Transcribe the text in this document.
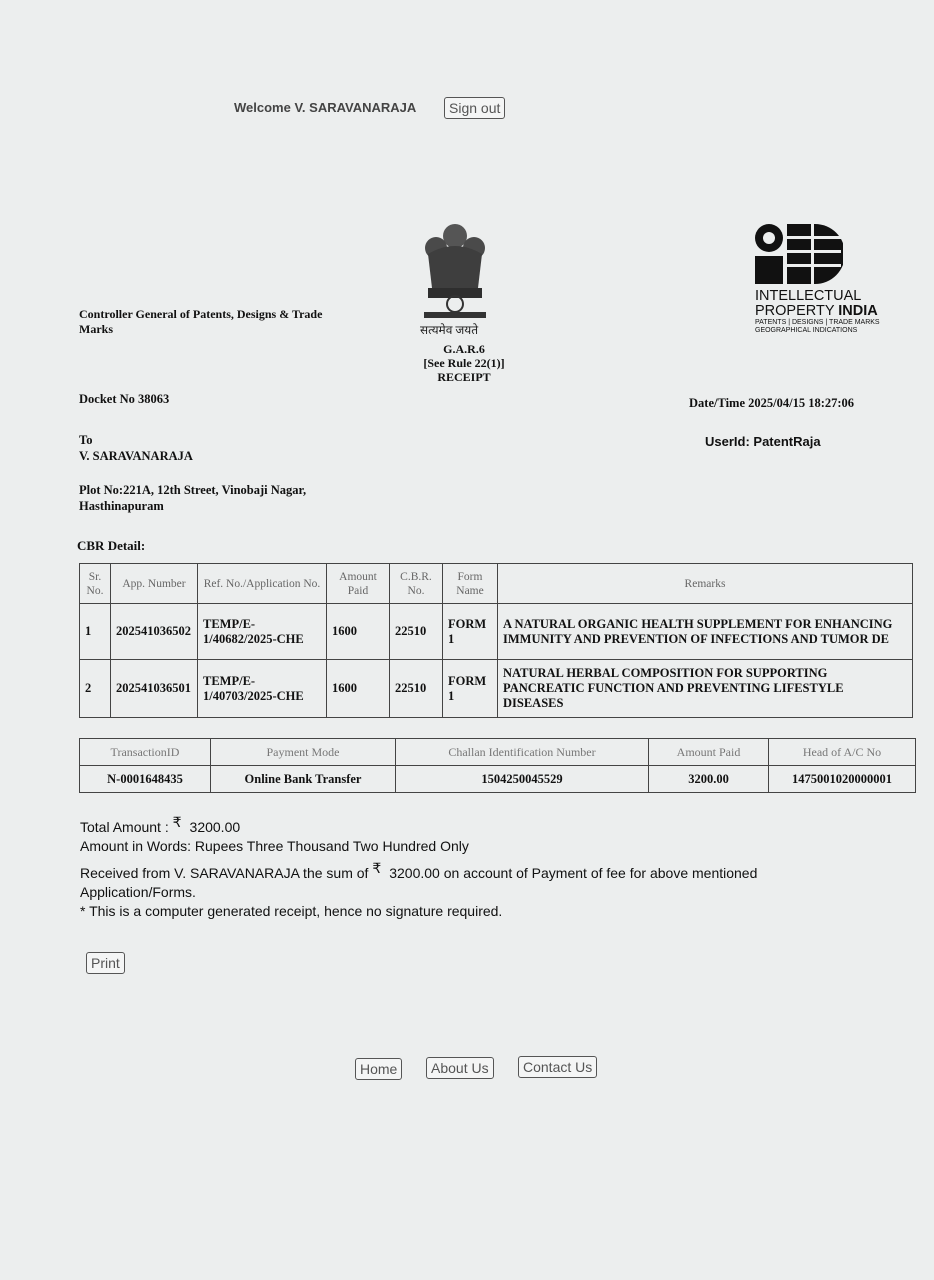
Welcome V. SARAVANARAJA	Sign out
सत्यमेव जयते
G.A.R.6
[See Rule 22(1)]
RECEIPT
Controller General of Patents, Designs & Trade
Marks
INTELLECTUAL
PROPERTY INDIA
PATENTS | DESIGNS | TRADE MARKS
GEOGRAPHICAL INDICATIONS
Docket No 38063	Date/Time 2025/04/15 18:27:06
To
V. SARAVANARAJA
UserId: PatentRaja
Plot No:221A, 12th Street, Vinobaji Nagar,
Hasthinapuram
CBR Detail:
Sr. No.	App. Number	Ref. No./Application No.	Amount Paid	C.B.R. No.	Form Name	Remarks
1	202541036502	TEMP/E-1/40682/2025-CHE	1600	22510	FORM 1	A NATURAL ORGANIC HEALTH SUPPLEMENT FOR ENHANCING IMMUNITY AND PREVENTION OF INFECTIONS AND TUMOR DE
2	202541036501	TEMP/E-1/40703/2025-CHE	1600	22510	FORM 1	NATURAL HERBAL COMPOSITION FOR SUPPORTING PANCREATIC FUNCTION AND PREVENTING LIFESTYLE DISEASES
TransactionID	Payment Mode	Challan Identification Number	Amount Paid	Head of A/C No
N-0001648435	Online Bank Transfer	1504250045529	3200.00	1475001020000001
Total Amount : ₹ 3200.00
Amount in Words: Rupees Three Thousand Two Hundred Only
Received from V. SARAVANARAJA the sum of ₹ 3200.00 on account of Payment of fee for above mentioned
Application/Forms.
* This is a computer generated receipt, hence no signature required.
Print
Home	About Us	Contact Us
